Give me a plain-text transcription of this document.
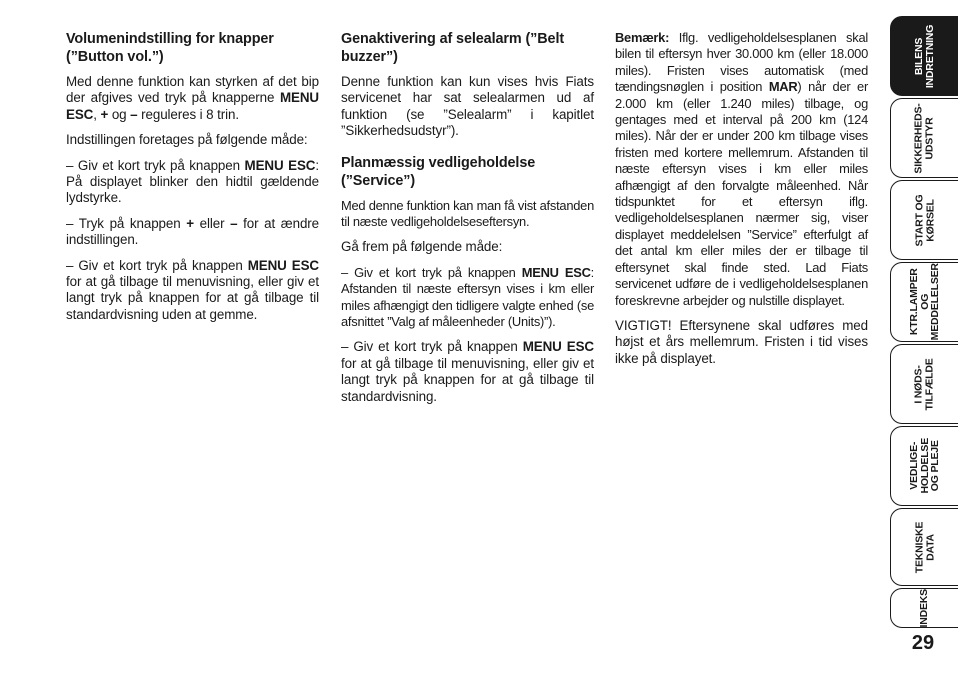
Volumenindstilling for knapper (”Button vol.”)

Med denne funktion kan styrken af det bip der afgives ved tryk på knapperne MENU ESC, + og – reguleres i 8 trin.

Indstillingen foretages på følgende måde:

– Giv et kort tryk på knappen MENU ESC: På displayet blinker den hidtil gældende lydstyrke.

– Tryk på knappen + eller – for at ændre indstillingen.

– Giv et kort tryk på knappen MENU ESC for at gå tilbage til menuvisning, eller giv et langt tryk på knappen for at gå tilbage til standardvisning uden at gemme.

Genaktivering af selealarm (”Belt buzzer”)

Denne funktion kan kun vises hvis Fiats servicenet har sat selealarmen ud af funktion (se ”Selealarm” i kapitlet ”Sikkerhedsudstyr”).

Planmæssig vedligeholdelse (”Service”)

Med denne funktion kan man få vist afstanden til næste vedligeholdelseseftersyn.

Gå frem på følgende måde:

– Giv et kort tryk på knappen MENU ESC: Afstanden til næste eftersyn vises i km eller miles afhængigt den tidligere valgte enhed (se afsnittet ”Valg af måleenheder (Units)”).

– Giv et kort tryk på knappen MENU ESC for at gå tilbage til menuvisning, eller giv et langt tryk på knappen for at gå tilbage til standardvisning.

Bemærk: Iflg. vedligeholdelsesplanen skal bilen til eftersyn hver 30.000 km (eller 18.000 miles). Fristen vises automatisk (med tændingsnøglen i position MAR) når der er 2.000 km (eller 1.240 miles) tilbage, og gentages med et interval på 200 km (124 miles). Når der er under 200 km tilbage vises fristen med kortere mellemrum. Afstanden til næste eftersyn vises i km eller miles afhængigt af den forvalgte måleenhed. Når tidspunktet for et eftersyn iflg. vedligeholdelsesplanen nærmer sig, viser displayet meddelelsen ”Service” efterfulgt af det antal km eller miles der er tilbage til eftersynet skal finde sted. Lad Fiats servicenet udføre de i vedligeholdelsesplanen foreskrevne arbejder og nulstille displayet.

VIGTIGT! Eftersynene skal udføres med højst et års mellemrum. Fristen i tid vises ikke på displayet.

BILENS
INDRETNING
SIKKERHEDS-
UDSTYR
START OG
KØRSEL
KTR.LAMPER
OG
MEDDELELSER
I NØDS-
TILFÆLDE
VEDLIGE-
HOLDELSE
OG PLEJE
TEKNISKE
DATA
INDEKS
29
